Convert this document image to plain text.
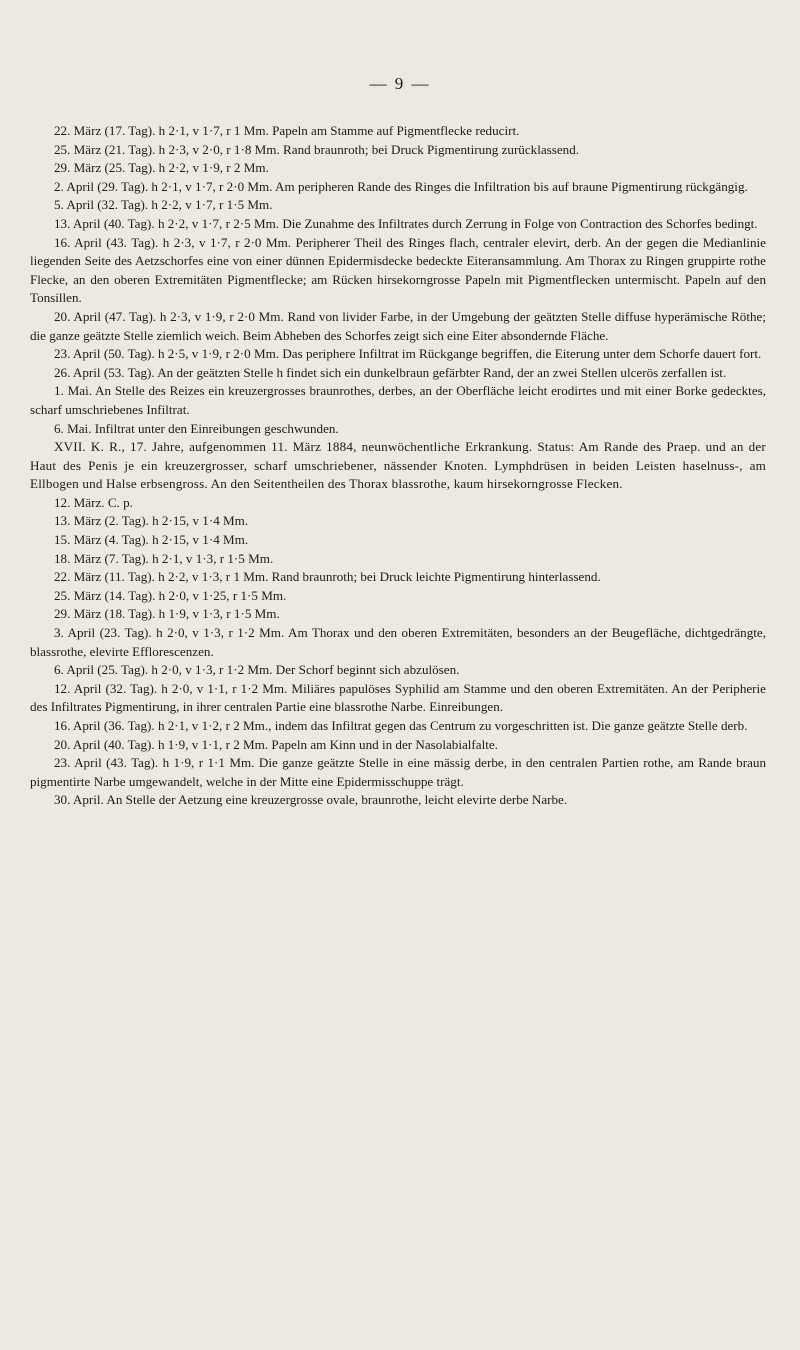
— 9 —

22. März (17. Tag). h 2·1, v 1·7, r 1 Mm. Papeln am Stamme auf Pigmentflecke reducirt.

25. März (21. Tag). h 2·3, v 2·0, r 1·8 Mm. Rand braunroth; bei Druck Pigmentirung zurücklassend.

29. März (25. Tag). h 2·2, v 1·9, r 2 Mm.

2. April (29. Tag). h 2·1, v 1·7, r 2·0 Mm. Am peripheren Rande des Ringes die Infiltration bis auf braune Pigmentirung rückgängig.

5. April (32. Tag). h 2·2, v 1·7, r 1·5 Mm.

13. April (40. Tag). h 2·2, v 1·7, r 2·5 Mm. Die Zunahme des Infiltrates durch Zerrung in Folge von Contraction des Schorfes bedingt.

16. April (43. Tag). h 2·3, v 1·7, r 2·0 Mm. Peripherer Theil des Ringes flach, centraler elevirt, derb. An der gegen die Medianlinie liegenden Seite des Aetzschorfes eine von einer dünnen Epidermisdecke bedeckte Eiteransammlung. Am Thorax zu Ringen gruppirte rothe Flecke, an den oberen Extremitäten Pigmentflecke; am Rücken hirsekorngrosse Papeln mit Pigmentflecken untermischt. Papeln auf den Tonsillen.

20. April (47. Tag). h 2·3, v 1·9, r 2·0 Mm. Rand von livider Farbe, in der Umgebung der geätzten Stelle diffuse hyperämische Röthe; die ganze geätzte Stelle ziemlich weich. Beim Abheben des Schorfes zeigt sich eine Eiter absondernde Fläche.

23. April (50. Tag). h 2·5, v 1·9, r 2·0 Mm. Das periphere Infiltrat im Rückgange begriffen, die Eiterung unter dem Schorfe dauert fort.

26. April (53. Tag). An der geätzten Stelle h findet sich ein dunkelbraun gefärbter Rand, der an zwei Stellen ulcerös zerfallen ist.

1. Mai. An Stelle des Reizes ein kreuzergrosses braunrothes, derbes, an der Oberfläche leicht erodirtes und mit einer Borke gedecktes, scharf umschriebenes Infiltrat.

6. Mai. Infiltrat unter den Einreibungen geschwunden.

XVII. K. R., 17. Jahre, aufgenommen 11. März 1884, neunwöchentliche Erkrankung. Status: Am Rande des Praep. und an der Haut des Penis je ein kreuzergrosser, scharf umschriebener, nässender Knoten. Lymphdrüsen in beiden Leisten haselnuss-, am Ellbogen und Halse erbsengross. An den Seitentheilen des Thorax blassrothe, kaum hirsekorngrosse Flecken.

12. März. C. p.

13. März (2. Tag). h 2·15, v 1·4 Mm.

15. März (4. Tag). h 2·15, v 1·4 Mm.

18. März (7. Tag). h 2·1, v 1·3, r 1·5 Mm.

22. März (11. Tag). h 2·2, v 1·3, r 1 Mm. Rand braunroth; bei Druck leichte Pigmentirung hinterlassend.

25. März (14. Tag). h 2·0, v 1·25, r 1·5 Mm.

29. März (18. Tag). h 1·9, v 1·3, r 1·5 Mm.

3. April (23. Tag). h 2·0, v 1·3, r 1·2 Mm. Am Thorax und den oberen Extremitäten, besonders an der Beugefläche, dichtgedrängte, blassrothe, elevirte Efflorescenzen.

6. April (25. Tag). h 2·0, v 1·3, r 1·2 Mm. Der Schorf beginnt sich abzulösen.

12. April (32. Tag). h 2·0, v 1·1, r 1·2 Mm. Miliäres papulöses Syphilid am Stamme und den oberen Extremitäten. An der Peripherie des Infiltrates Pigmentirung, in ihrer centralen Partie eine blassrothe Narbe. Einreibungen.

16. April (36. Tag). h 2·1, v 1·2, r 2 Mm., indem das Infiltrat gegen das Centrum zu vorgeschritten ist. Die ganze geätzte Stelle derb.

20. April (40. Tag). h 1·9, v 1·1, r 2 Mm. Papeln am Kinn und in der Nasolabialfalte.

23. April (43. Tag). h 1·9, r 1·1 Mm. Die ganze geätzte Stelle in eine mässig derbe, in den centralen Partien rothe, am Rande braun pigmentirte Narbe umgewandelt, welche in der Mitte eine Epidermisschuppe trägt.

30. April. An Stelle der Aetzung eine kreuzergrosse ovale, braunrothe, leicht elevirte derbe Narbe.
